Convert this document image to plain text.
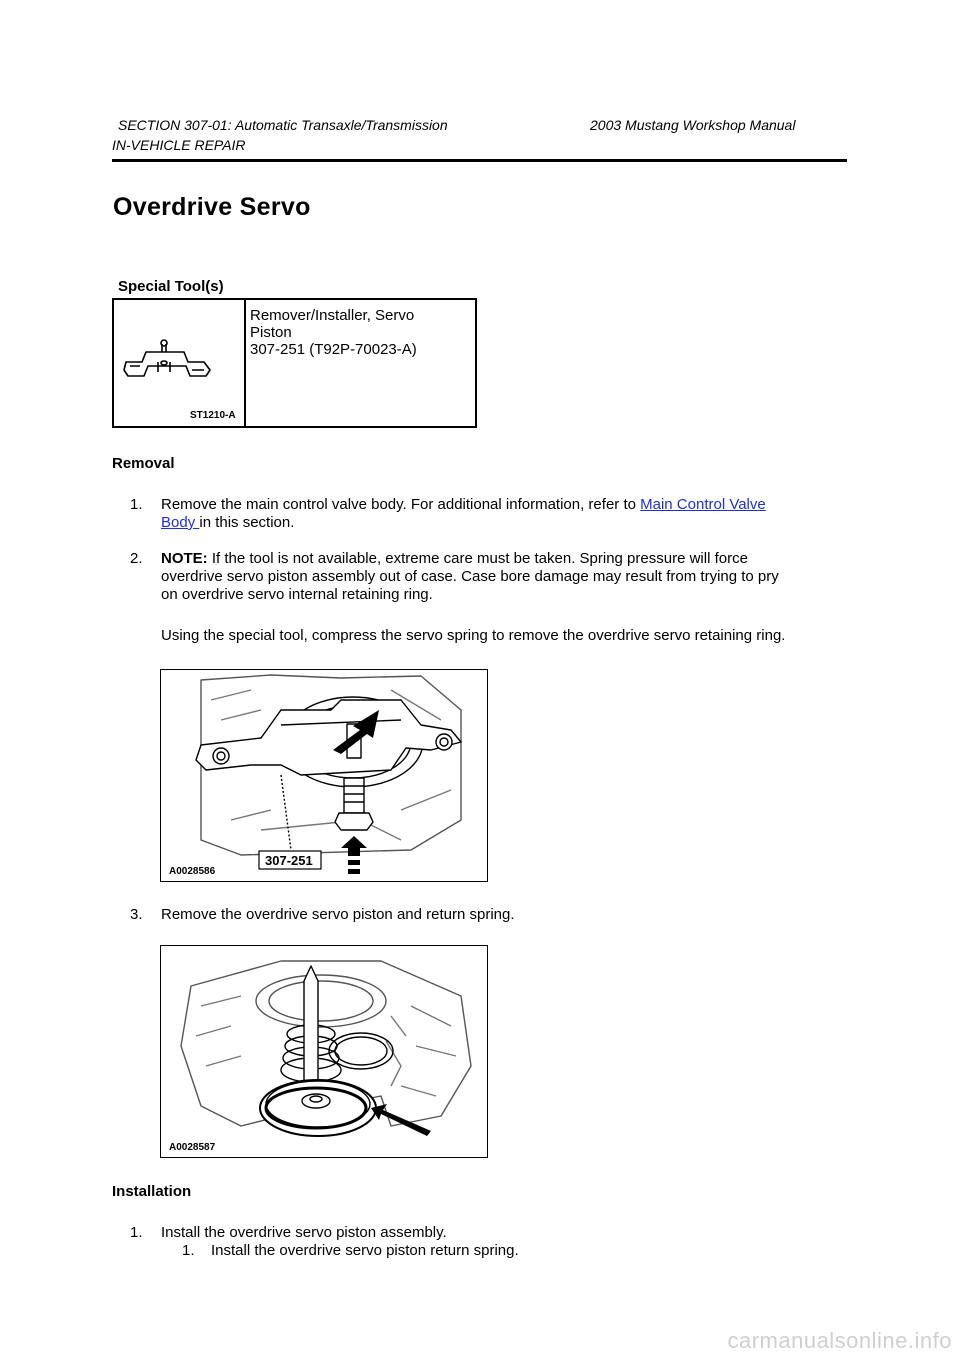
SECTION 307-01: Automatic Transaxle/Transmission	2003 Mustang Workshop Manual
IN-VEHICLE REPAIR
Overdrive Servo
Special Tool(s)
ST1210-A
Remover/Installer, Servo
Piston
307-251 (T92P-70023-A)
Removal
1. Remove the main control valve body. For additional information, refer to Main Control Valve
Body in this section.
2. NOTE: If the tool is not available, extreme care must be taken. Spring pressure will force
overdrive servo piston assembly out of case. Case bore damage may result from trying to pry
on overdrive servo internal retaining ring.
Using the special tool, compress the servo spring to remove the overdrive servo retaining ring.
307-251
A0028586
3. Remove the overdrive servo piston and return spring.
A0028587
Installation
1. Install the overdrive servo piston assembly.
1. Install the overdrive servo piston return spring.
carmanualsonline.info
